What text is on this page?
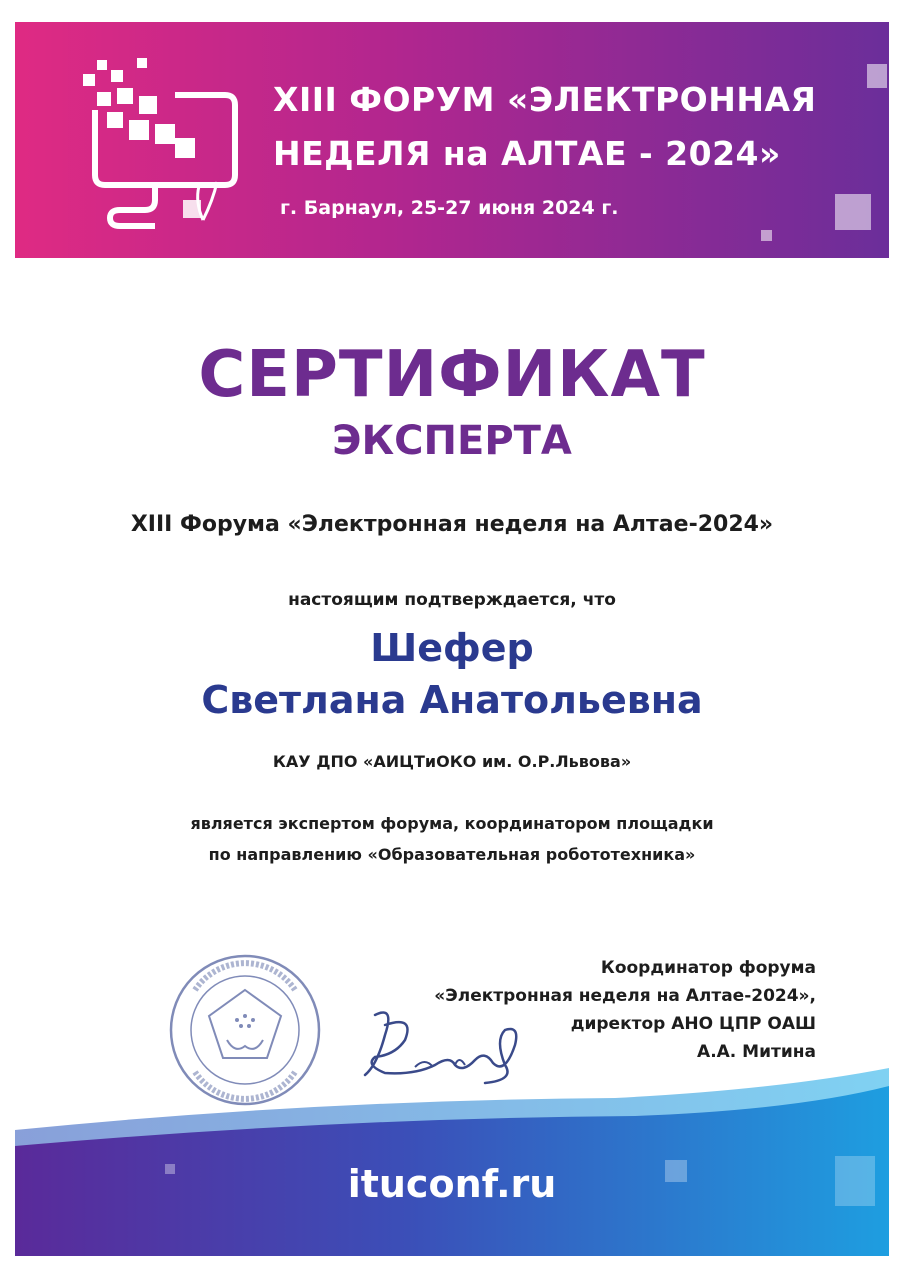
XIII ФОРУМ «ЭЛЕКТРОННАЯ
НЕДЕЛЯ на АЛТАЕ - 2024»
г. Барнаул, 25-27 июня 2024 г.
СЕРТИФИКАТ
ЭКСПЕРТА
XIII Форума «Электронная неделя на Алтае-2024»
настоящим подтверждается, что
Шефер
Светлана Анатольевна
КАУ ДПО «АИЦТиОКО им. О.Р.Львова»
является экспертом форума, координатором площадки
по направлению «Образовательная робототехника»
Координатор форума
«Электронная неделя на Алтае-2024»,
директор АНО ЦПР ОАШ
А.А. Митина
ituconf.ru
